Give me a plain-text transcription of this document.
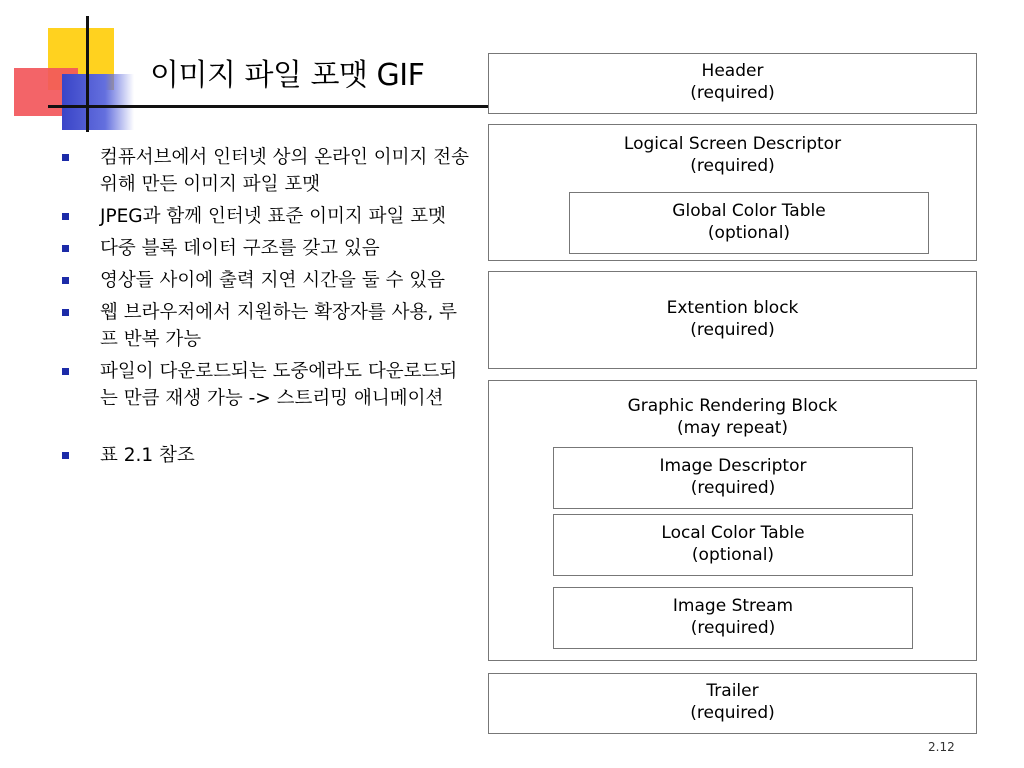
이미지 파일 포맷 GIF
컴퓨서브에서 인터넷 상의 온라인 이미지 전송 위해 만든 이미지 파일 포맷
JPEG과 함께 인터넷 표준 이미지 파일 포멧
다중 블록 데이터 구조를 갖고 있음
영상들 사이에 출력 지연 시간을 둘 수 있음
웹 브라우저에서 지원하는 확장자를 사용, 루프 반복 가능
파일이 다운로드되는 도중에라도 다운로드되는 만큼 재생 가능 -> 스트리밍 애니메이션
표 2.1 참조
Header
(required)
Logical Screen Descriptor
(required)
Global Color Table
(optional)
Extention block
(required)
Graphic Rendering Block
(may repeat)
Image Descriptor
(required)
Local Color Table
(optional)
Image Stream
(required)
Trailer
(required)
2.12
